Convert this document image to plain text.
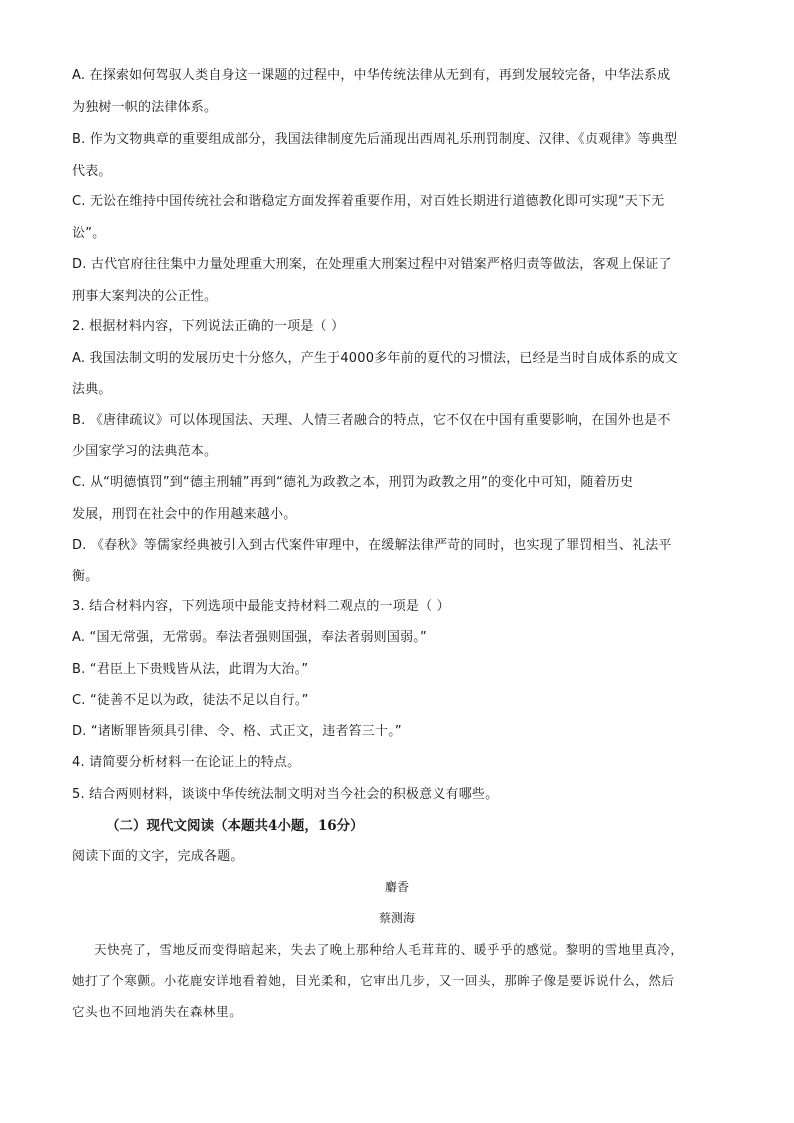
A. 在探索如何驾驭人类自身这一课题的过程中，中华传统法律从无到有，再到发展较完备，中华法系成
为独树一帜的法律体系。
B. 作为文物典章的重要组成部分，我国法律制度先后涌现出西周礼乐刑罚制度、汉律、《贞观律》等典型
代表。
C. 无讼在维持中国传统社会和谐稳定方面发挥着重要作用，对百姓长期进行道德教化即可实现“天下无
讼”。
D. 古代官府往往集中力量处理重大刑案，在处理重大刑案过程中对错案严格归责等做法，客观上保证了
刑事大案判决的公正性。
2. 根据材料内容，下列说法正确的一项是（ ）
A. 我国法制文明的发展历史十分悠久，产生于4000多年前的夏代的习惯法，已经是当时自成体系的成文
法典。
B. 《唐律疏议》可以体现国法、天理、人情三者融合的特点，它不仅在中国有重要影响，在国外也是不
少国家学习的法典范本。
C. 从“明德慎罚”到“德主刑辅”再到“德礼为政教之本，刑罚为政教之用”的变化中可知，随着历史
发展，刑罚在社会中的作用越来越小。
D. 《春秋》等儒家经典被引入到古代案件审理中，在缓解法律严苛的同时，也实现了罪罚相当、礼法平
衡。
3. 结合材料内容，下列选项中最能支持材料二观点的一项是（ ）
A. “国无常强，无常弱。奉法者强则国强，奉法者弱则国弱。”
B. “君臣上下贵贱皆从法，此谓为大治。”
C. “徒善不足以为政，徒法不足以自行。”
D. “诸断罪皆须具引律、令、格、式正文，违者笞三十。”
4. 请简要分析材料一在论证上的特点。
5. 结合两则材料，谈谈中华传统法制文明对当今社会的积极意义有哪些。
（二）现代文阅读（本题共4小题，16分）
阅读下面的文字，完成各题。
麝香
蔡测海
天快亮了，雪地反而变得暗起来，失去了晚上那种给人毛茸茸的、暖乎乎的感觉。黎明的雪地里真冷，
她打了个寒颤。小花鹿安详地看着她，目光柔和，它审出几步，又一回头，那眸子像是要诉说什么，然后
它头也不回地消失在森林里。
